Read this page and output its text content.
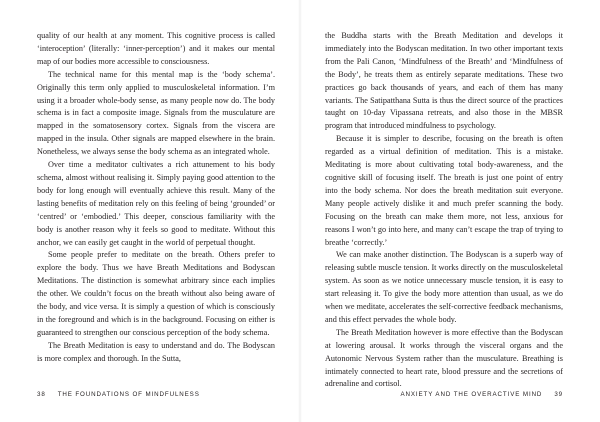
quality of our health at any moment. This cognitive process is called ‘interoception’ (literally: ‘inner-perception’) and it makes our mental map of our bodies more accessible to consciousness.

The technical name for this mental map is the ‘body schema’. Originally this term only applied to musculoskeletal information. I’m using it a broader whole-body sense, as many people now do. The body schema is in fact a composite image. Signals from the musculature are mapped in the somatosensory cortex. Signals from the viscera are mapped in the insula. Other signals are mapped elsewhere in the brain. Nonetheless, we always sense the body schema as an integrated whole.

Over time a meditator cultivates a rich attunement to his body schema, almost without realising it. Simply paying good attention to the body for long enough will eventually achieve this result. Many of the lasting benefits of meditation rely on this feeling of being ‘grounded’ or ‘centred’ or ‘embodied.’ This deeper, conscious familiarity with the body is another reason why it feels so good to meditate. Without this anchor, we can easily get caught in the world of perpetual thought.

Some people prefer to meditate on the breath. Others prefer to explore the body. Thus we have Breath Meditations and Bodyscan Meditations. The distinction is somewhat arbitrary since each implies the other. We couldn’t focus on the breath without also being aware of the body, and vice versa. It is simply a question of which is consciously in the foreground and which is in the background. Focusing on either is guaranteed to strengthen our conscious perception of the body schema.

The Breath Meditation is easy to understand and do. The Bodyscan is more complex and thorough. In the Sutta,

38 THE FOUNDATIONS OF MINDFULNESS

the Buddha starts with the Breath Meditation and develops it immediately into the Bodyscan meditation. In two other important texts from the Pali Canon, ‘Mindfulness of the Breath’ and ‘Mindfulness of the Body’, he treats them as entirely separate meditations. These two practices go back thousands of years, and each of them has many variants. The Satipatthana Sutta is thus the direct source of the practices taught on 10-day Vipassana retreats, and also those in the MBSR program that introduced mindfulness to psychology.

Because it is simpler to describe, focusing on the breath is often regarded as a virtual definition of meditation. This is a mistake. Meditating is more about cultivating total body-awareness, and the cognitive skill of focusing itself. The breath is just one point of entry into the body schema. Nor does the breath meditation suit everyone. Many people actively dislike it and much prefer scanning the body. Focusing on the breath can make them more, not less, anxious for reasons I won’t go into here, and many can’t escape the trap of trying to breathe ‘correctly.’

We can make another distinction. The Bodyscan is a superb way of releasing subtle muscle tension. It works directly on the musculoskeletal system. As soon as we notice unnecessary muscle tension, it is easy to start releasing it. To give the body more attention than usual, as we do when we meditate, accelerates the self-corrective feedback mechanisms, and this effect pervades the whole body.

The Breath Meditation however is more effective than the Bodyscan at lowering arousal. It works through the visceral organs and the Autonomic Nervous System rather than the musculature. Breathing is intimately connected to heart rate, blood pressure and the secretions of adrenaline and cortisol.

ANXIETY AND THE OVERACTIVE MIND 39
